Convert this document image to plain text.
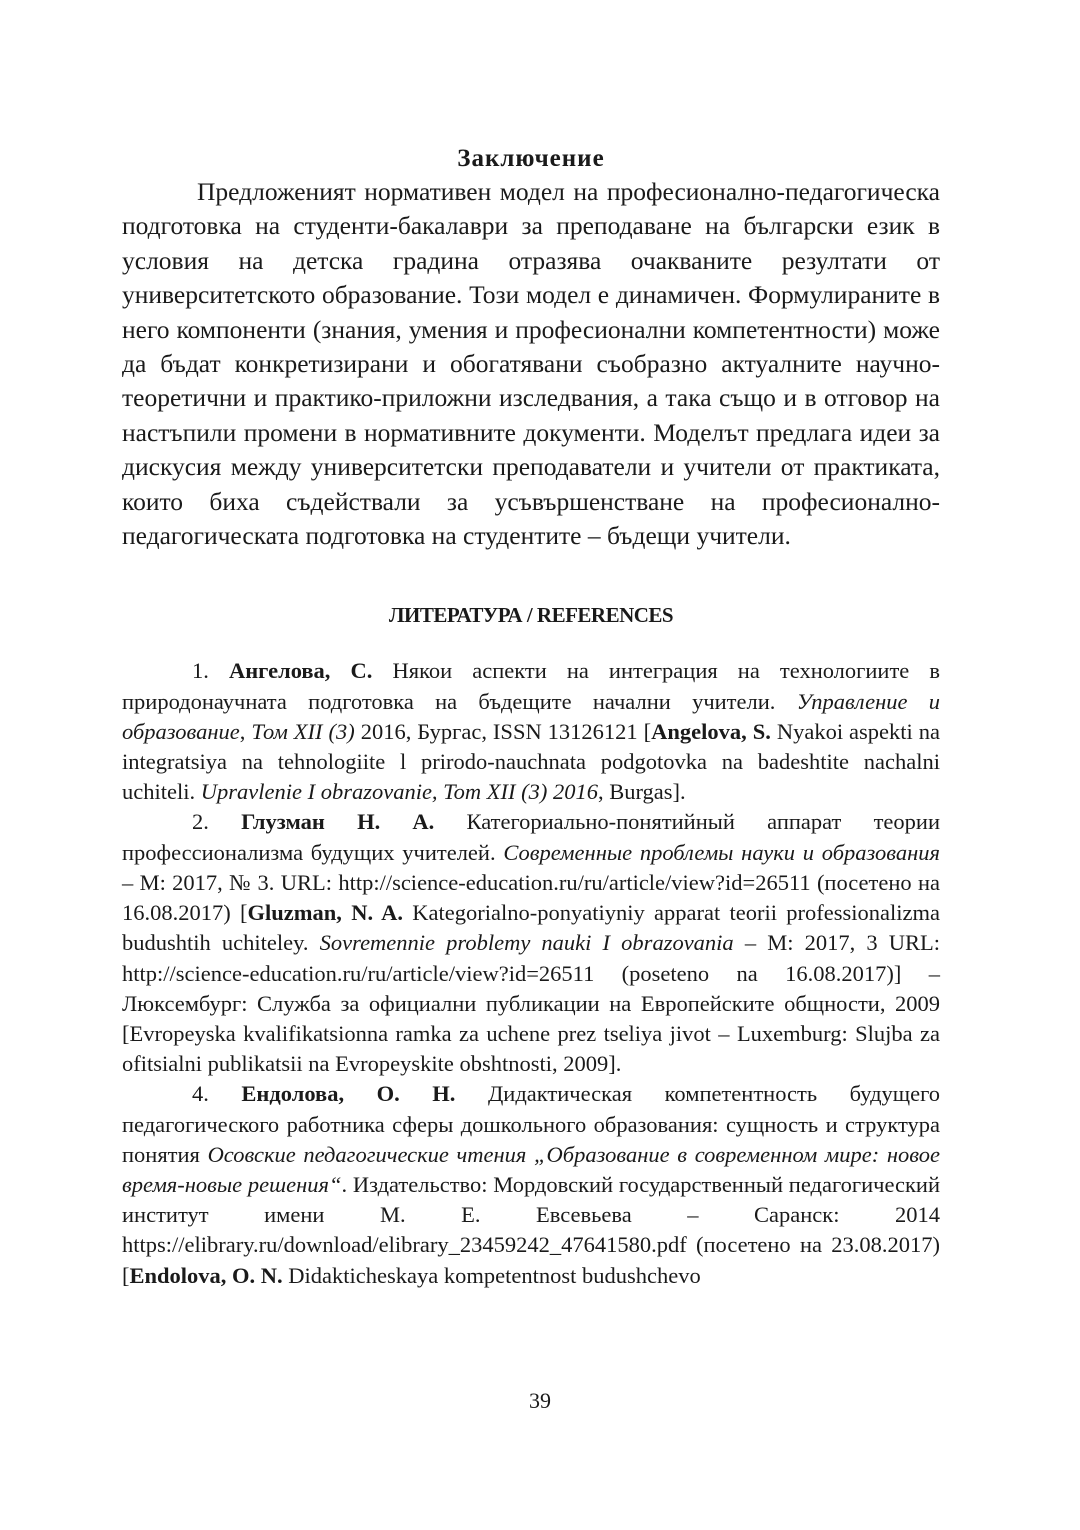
Заключение

Предложеният нормативен модел на професионално-педагогическа подготовка на студенти-бакалаври за преподаване на български език в условия на детска градина отразява очакваните резултати от университетското образование. Този модел е динамичен. Формулираните в него компоненти (знания, умения и професионални компетентности) може да бъдат конкретизирани и обогатявани съобразно актуалните научно-теоретични и практико-приложни изследвания, а така също и в отговор на настъпили промени в нормативните документи. Моделът предлага идеи за дискусия между университетски преподаватели и учители от практиката, които биха съдействали за усъвършенстване на професионално-педагогическата подготовка на студентите – бъдещи учители.

ЛИТЕРАТУРА / REFERENCES

1. Ангелова, С. Някои аспекти на интеграция на технологиите в природонаучната подготовка на бъдещите начални учители. Управление и образование, Том XII (3) 2016, Бургас, ISSN 13126121 [Angelova, S. Nyakoi aspekti na integratsiya na tehnologiite l prirodo-nauchnata podgotovka na badeshtite nachalni uchiteli. Upravlenie I obrazovanie, Tom XII (3) 2016, Burgas].

2. Глузман Н. А. Категориально-понятийный аппарат теории профессионализма будущих учителей. Современные проблемы науки и образования – М: 2017, № 3. URL: http://science-education.ru/ru/article/view?id=26511 (посетено на 16.08.2017) [Gluzman, N. A. Kategorialno-ponyatiyniy apparat teorii professionalizma budushtih uchiteley. Sovremennie problemy nauki I obrazovania – M: 2017, 3 URL: http://science-education.ru/ru/article/view?id=26511 (poseteno na 16.08.2017)] – Люксембург: Служба за официални публикации на Европейските общности, 2009 [Evropeyska kvalifikatsionna ramka za uchene prez tseliya jivot – Luxemburg: Slujba za ofitsialni publikatsii na Evropeyskite obshtnosti, 2009].

4. Ендолова, О. Н. Дидактическая компетентность будущего педагогического работника сферы дошкольного образования: сущность и структура понятия Осовские педагогические чтения „Образование в современном мире: новое время-новые решения“. Издательство: Мордовский государственный педагогический институт имени М. Е. Евсевьева – Саранск: 2014 https://elibrary.ru/download/elibrary_23459242_47641580.pdf (посетено на 23.08.2017) [Endolova, O. N. Didakticheskaya kompetentnost budushchevo

39
